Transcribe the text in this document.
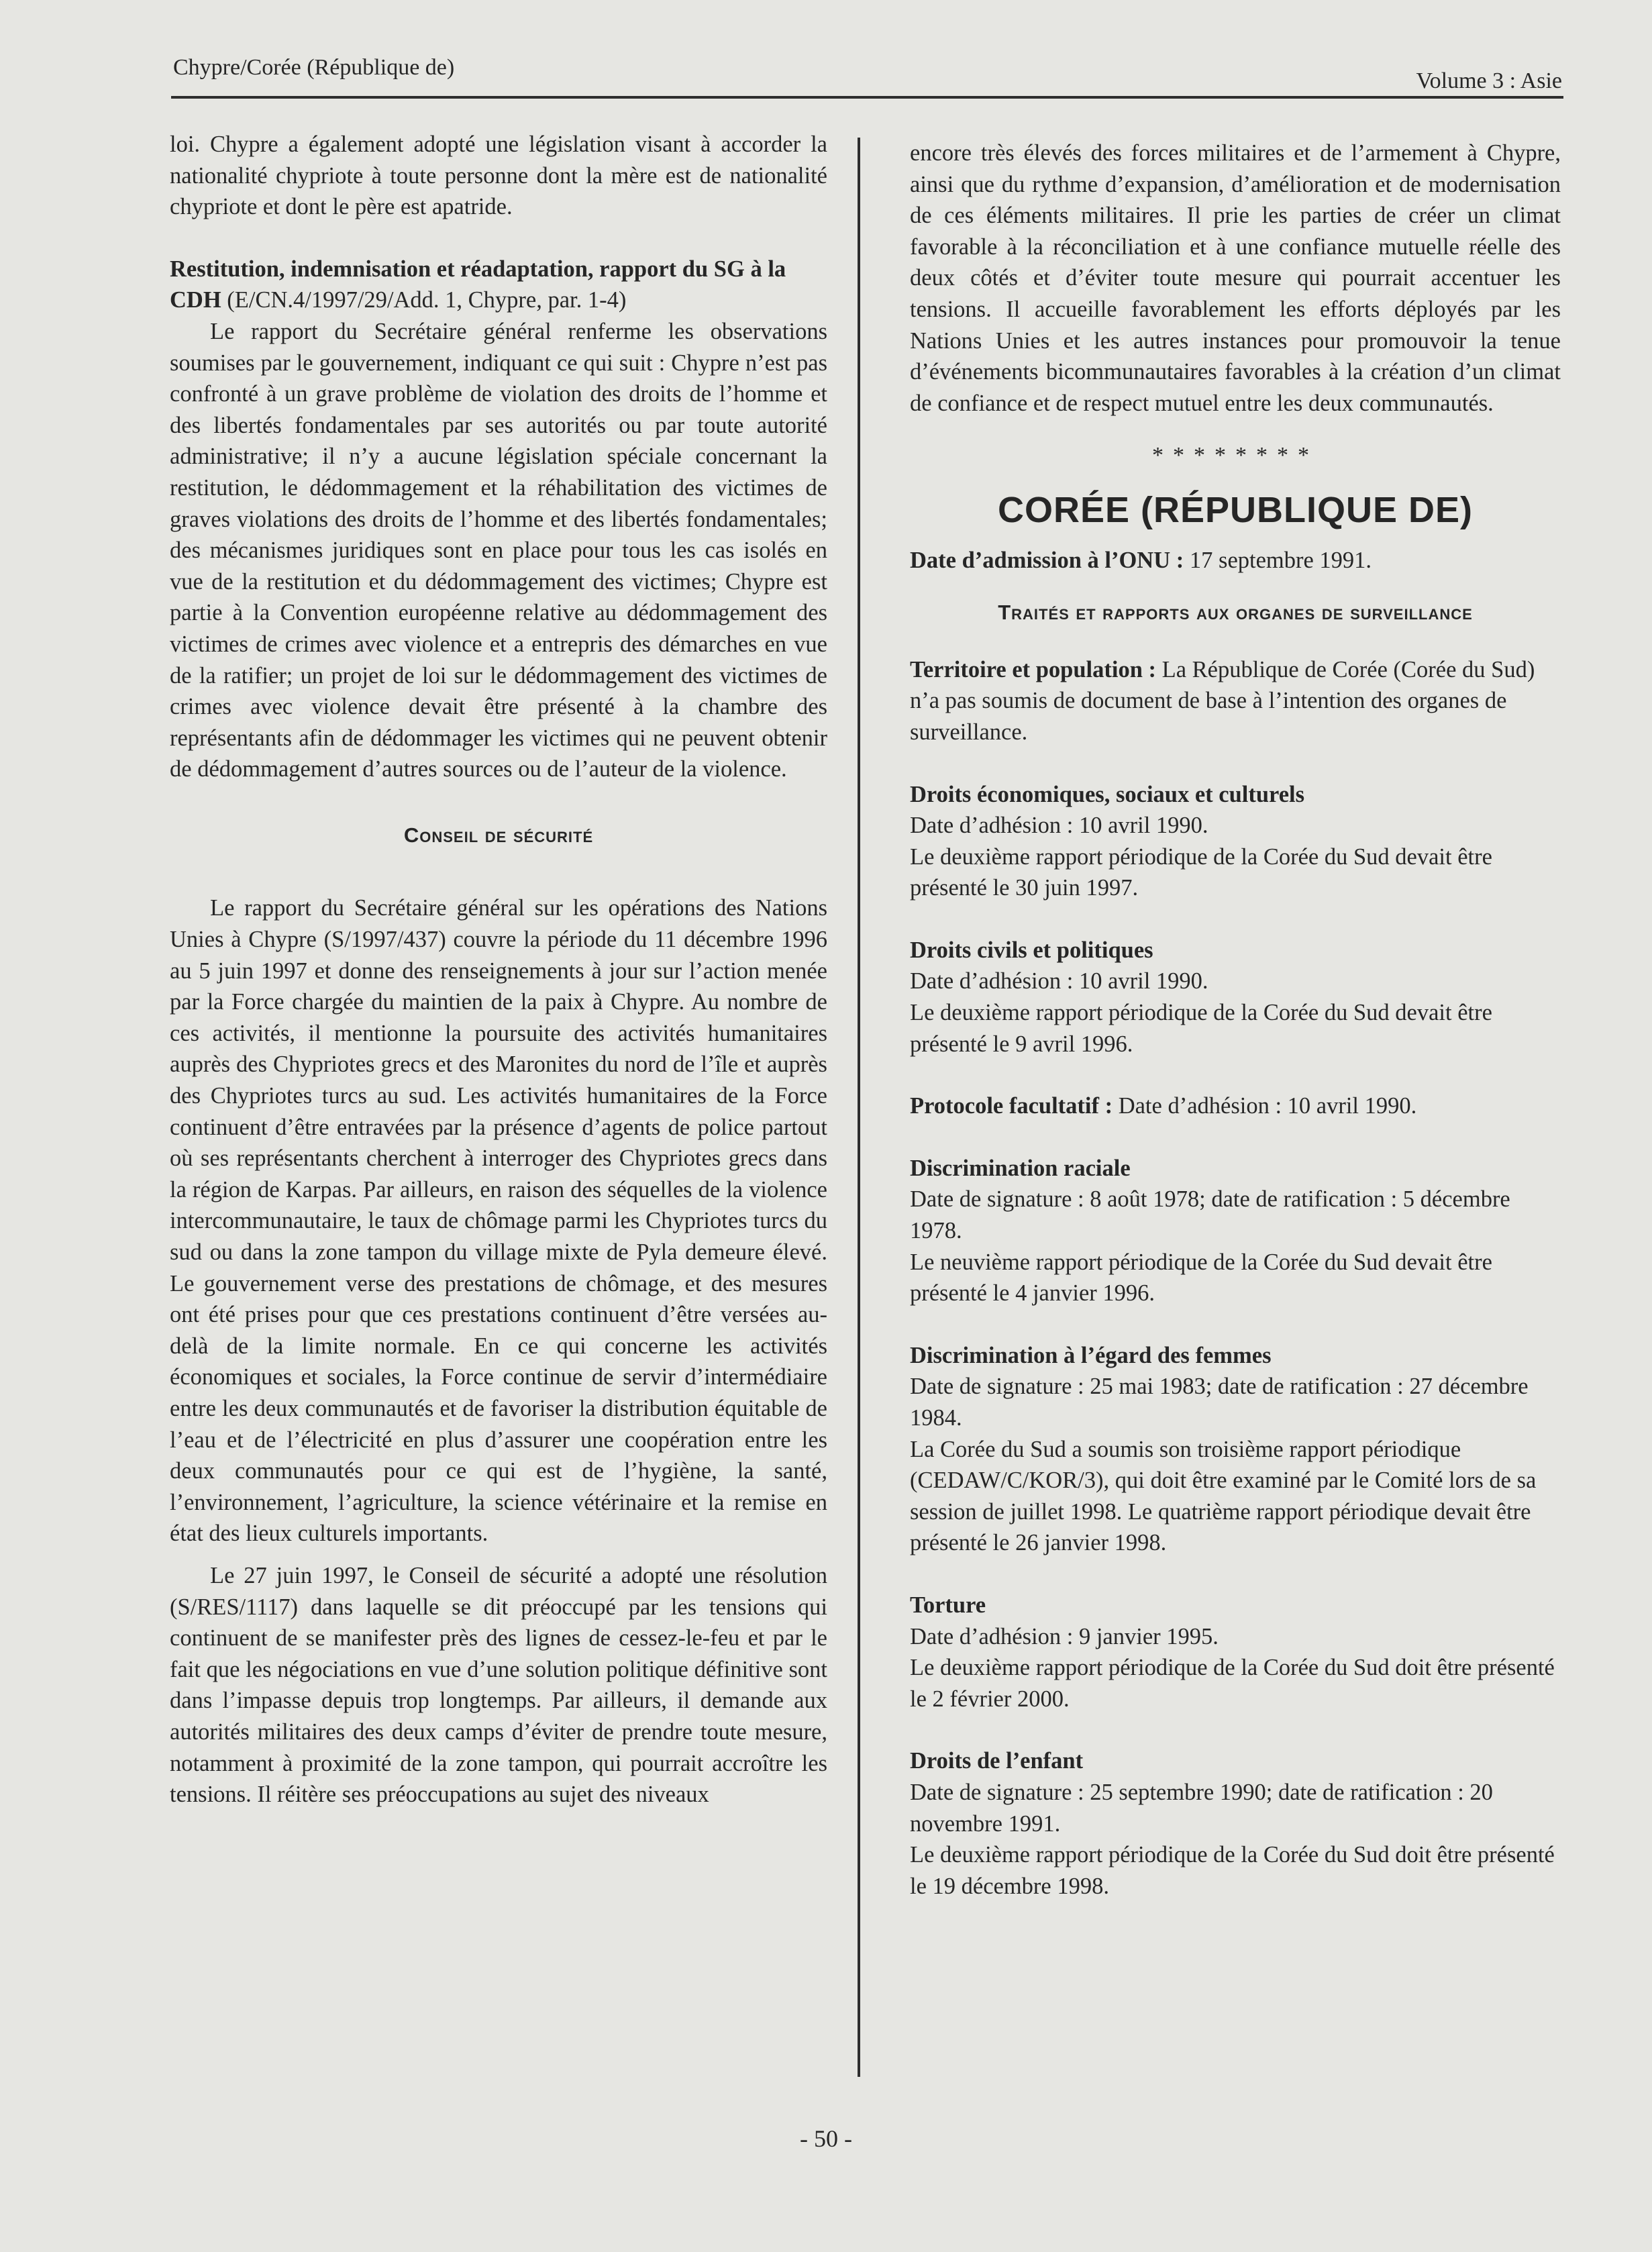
Chypre/Corée (République de)
Volume 3 : Asie

loi. Chypre a également adopté une législation visant à accorder la nationalité chypriote à toute personne dont la mère est de nationalité chypriote et dont le père est apatride.

Restitution, indemnisation et réadaptation, rapport du SG à la CDH (E/CN.4/1997/29/Add. 1, Chypre, par. 1-4)

Le rapport du Secrétaire général renferme les observations soumises par le gouvernement, indiquant ce qui suit : Chypre n’est pas confronté à un grave problème de violation des droits de l’homme et des libertés fondamentales par ses autorités ou par toute autorité administrative; il n’y a aucune législation spéciale concernant la restitution, le dédommagement et la réhabilitation des victimes de graves violations des droits de l’homme et des libertés fondamentales; des mécanismes juridiques sont en place pour tous les cas isolés en vue de la restitution et du dédommagement des victimes; Chypre est partie à la Convention européenne relative au dédommagement des victimes de crimes avec violence et a entrepris des démarches en vue de la ratifier; un projet de loi sur le dédommagement des victimes de crimes avec violence devait être présenté à la chambre des représentants afin de dédommager les victimes qui ne peuvent obtenir de dédommagement d’autres sources ou de l’auteur de la violence.

Conseil de sécurité

Le rapport du Secrétaire général sur les opérations des Nations Unies à Chypre (S/1997/437) couvre la période du 11 décembre 1996 au 5 juin 1997 et donne des renseignements à jour sur l’action menée par la Force chargée du maintien de la paix à Chypre. Au nombre de ces activités, il mentionne la poursuite des activités humanitaires auprès des Chypriotes grecs et des Maronites du nord de l’île et auprès des Chypriotes turcs au sud. Les activités humanitaires de la Force continuent d’être entravées par la présence d’agents de police partout où ses représentants cherchent à interroger des Chypriotes grecs dans la région de Karpas. Par ailleurs, en raison des séquelles de la violence intercommunautaire, le taux de chômage parmi les Chypriotes turcs du sud ou dans la zone tampon du village mixte de Pyla demeure élevé. Le gouvernement verse des prestations de chômage, et des mesures ont été prises pour que ces prestations continuent d’être versées au-delà de la limite normale. En ce qui concerne les activités économiques et sociales, la Force continue de servir d’intermédiaire entre les deux communautés et de favoriser la distribution équitable de l’eau et de l’électricité en plus d’assurer une coopération entre les deux communautés pour ce qui est de l’hygiène, la santé, l’environnement, l’agriculture, la science vétérinaire et la remise en état des lieux culturels importants.

Le 27 juin 1997, le Conseil de sécurité a adopté une résolution (S/RES/1117) dans laquelle se dit préoccupé par les tensions qui continuent de se manifester près des lignes de cessez-le-feu et par le fait que les négociations en vue d’une solution politique définitive sont dans l’impasse depuis trop longtemps. Par ailleurs, il demande aux autorités militaires des deux camps d’éviter de prendre toute mesure, notamment à proximité de la zone tampon, qui pourrait accroître les tensions. Il réitère ses préoccupations au sujet des niveaux

encore très élevés des forces militaires et de l’armement à Chypre, ainsi que du rythme d’expansion, d’amélioration et de modernisation de ces éléments militaires. Il prie les parties de créer un climat favorable à la réconciliation et à une confiance mutuelle réelle des deux côtés et d’éviter toute mesure qui pourrait accentuer les tensions. Il accueille favorablement les efforts déployés par les Nations Unies et les autres instances pour promouvoir la tenue d’événements bicommunautaires favorables à la création d’un climat de confiance et de respect mutuel entre les deux communautés.

********
CORÉE (RÉPUBLIQUE DE)

Date d’admission à l’ONU : 17 septembre 1991.

Traités et rapports aux organes de surveillance

Territoire et population : La République de Corée (Corée du Sud) n’a pas soumis de document de base à l’intention des organes de surveillance.

Droits économiques, sociaux et culturels
Date d’adhésion : 10 avril 1990.
Le deuxième rapport périodique de la Corée du Sud devait être présenté le 30 juin 1997.
Droits civils et politiques
Date d’adhésion : 10 avril 1990.
Le deuxième rapport périodique de la Corée du Sud devait être présenté le 9 avril 1996.

Protocole facultatif : Date d’adhésion : 10 avril 1990.

Discrimination raciale
Date de signature : 8 août 1978; date de ratification : 5 décembre 1978.
Le neuvième rapport périodique de la Corée du Sud devait être présenté le 4 janvier 1996.
Discrimination à l’égard des femmes
Date de signature : 25 mai 1983; date de ratification : 27 décembre 1984.
La Corée du Sud a soumis son troisième rapport périodique (CEDAW/C/KOR/3), qui doit être examiné par le Comité lors de sa session de juillet 1998. Le quatrième rapport périodique devait être présenté le 26 janvier 1998.
Torture
Date d’adhésion : 9 janvier 1995.
Le deuxième rapport périodique de la Corée du Sud doit être présenté le 2 février 2000.
Droits de l’enfant
Date de signature : 25 septembre 1990; date de ratification : 20 novembre 1991.
Le deuxième rapport périodique de la Corée du Sud doit être présenté le 19 décembre 1998.
- 50 -
